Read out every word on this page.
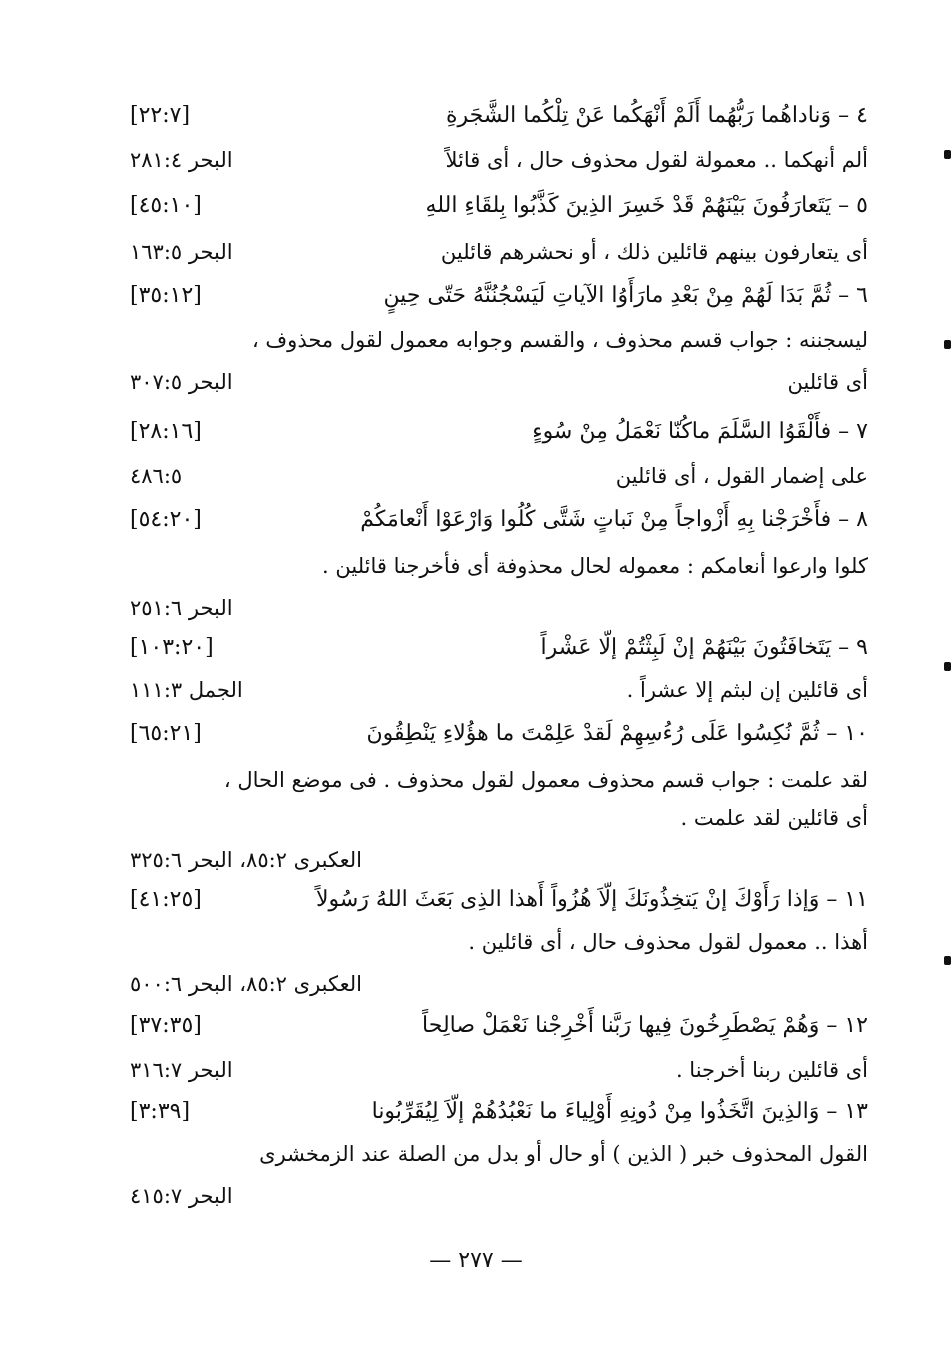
٤ – وَناداهُما رَبُّهُما أَلَمْ أَنْهَكُما عَنْ تِلْكُما الشَّجَرةِ
[٢٢:٧]
ألم أنهكما .. معمولة لقول محذوف حال ، أى قائلاً
البحر ٢٨١:٤
٥ – يَتَعارَفُونَ بَيْنَهُمْ قَدْ خَسِرَ الذِينَ كَذَّبُوا بِلقَاءِ اللهِ
[٤٥:١٠]
أى يتعارفون بينهم قائلين ذلك ، أو نحشرهم قائلين
البحر ١٦٣:٥
٦ – ثُمَّ بَدَا لَهُمْ مِنْ بَعْدِ مارَأَوُا الآياتِ لَيَسْجُنُنَّهُ حَتّى حِينٍ
[٣٥:١٢]
ليسجننه : جواب قسم محذوف ، والقسم وجوابه معمول لقول محذوف ،
أى قائلين
البحر ٣٠٧:٥
٧ – فأَلْقَوُا السَّلَمَ ماكُنّا نَعْمَلُ مِنْ سُوءٍ
[٢٨:١٦]
على إضمار القول ، أى قائلين
٤٨٦:٥
٨ – فأَخْرَجْنا بِهِ أَزْواجاً مِنْ نَباتٍ شَتَّى كُلُوا وَارْعَوْا أَنْعامَكُمْ
[٥٤:٢٠]
كلوا وارعوا أنعامكم : معموله لحال محذوفة أى فأخرجنا قائلين .
البحر ٢٥١:٦
٩ – يَتَخافَتُونَ بَيْنَهُمْ إنْ لَبِثْتُمْ إلّا عَشْراً
[١٠٣:٢٠]
أى قائلين إن لبثم إلا عشراً .
الجمل ١١١:٣
١٠ – ثُمَّ نُكِسُوا عَلَى رُءُسِهِمْ لَقدْ عَلِمْتَ ما هؤُلاءِ يَنْطِقُونَ
[٦٥:٢١]
لقد علمت : جواب قسم محذوف معمول لقول محذوف . فى موضع الحال ،
أى قائلين لقد علمت .
العكبرى ٨٥:٢، البحر ٣٢٥:٦
١١ – وَإذا رَأَوْكَ إنْ يَتخِذُونَكَ إلّاَ هُزُواً أَهذا الذِى بَعَثَ اللهُ رَسُولاً
[٤١:٢٥]
أهذا .. معمول لقول محذوف حال ، أى قائلين .
العكبرى ٨٥:٢، البحر ٥٠٠:٦
١٢ – وَهُمْ يَصْطَرِخُونَ فِيها رَبَّنا أَخْرِجْنا نَعْمَلْ صالِحاً
[٣٧:٣٥]
أى قائلين ربنا أخرجنا .
البحر ٣١٦:٧
١٣ – وَالذِينَ اتَّخَذُوا مِنْ دُونِهِ أَوْلِياءَ ما نَعْبُدُهُمْ إلّاَ لِيُقَرِّبُونا
[٣:٣٩]
القول المحذوف خبر ( الذين ) أو حال أو بدل من الصلة عند الزمخشرى
البحر ٤١٥:٧
— ٢٧٧ —
